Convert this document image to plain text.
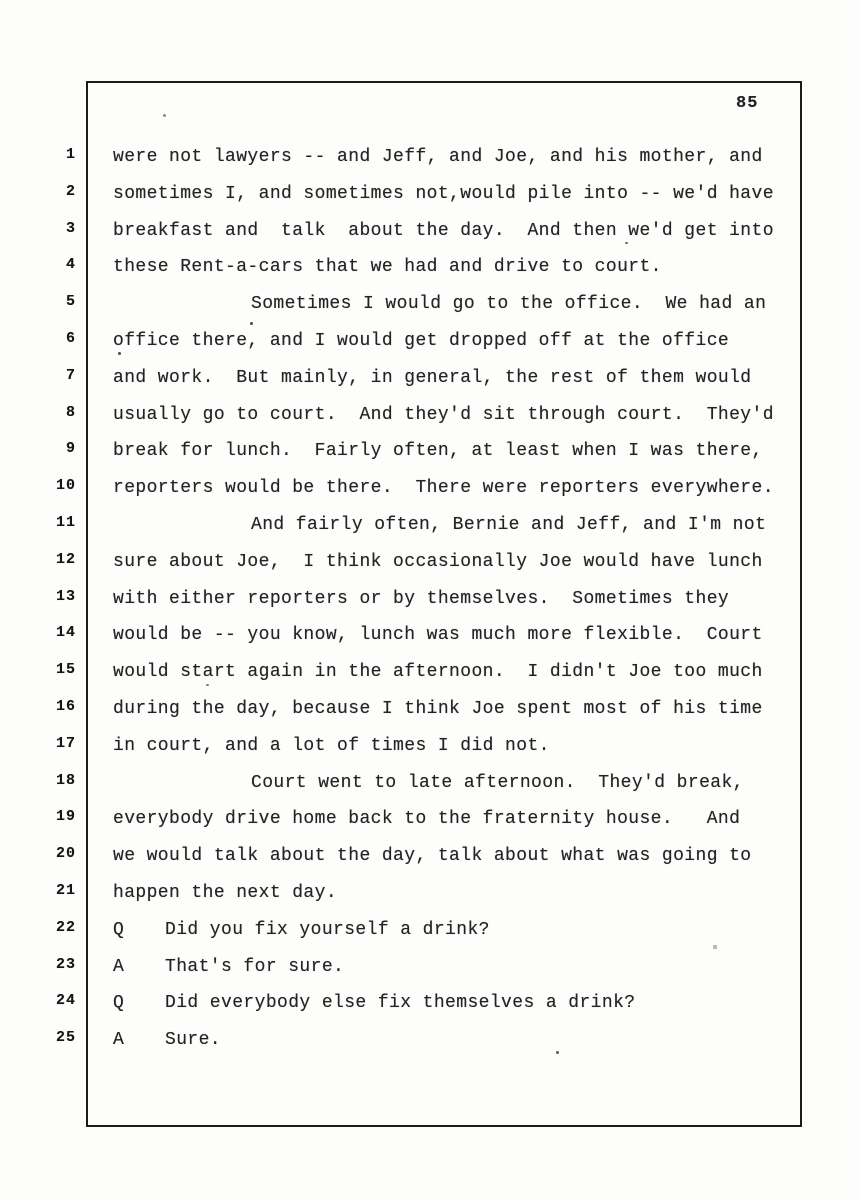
85
1 were not lawyers -- and Jeff, and Joe, and his mother, and
2 sometimes I, and sometimes not,would pile into -- we'd have
3 breakfast and  talk  about the day.  And then we'd get into
4 these Rent-a-cars that we had and drive to court.
5	Sometimes I would go to the office.  We had an
6 office there, and I would get dropped off at the office
7 and work.  But mainly, in general, the rest of them would
8 usually go to court.  And they'd sit through court.  They'd
9 break for lunch.  Fairly often, at least when I was there,
10 reporters would be there.  There were reporters everywhere.
11	And fairly often, Bernie and Jeff, and I'm not
12 sure about Joe,  I think occasionally Joe would have lunch
13 with either reporters or by themselves.  Sometimes they
14 would be -- you know, lunch was much more flexible.  Court
15 would start again in the afternoon.  I didn't Joe too much
16 during the day, because I think Joe spent most of his time
17 in court, and a lot of times I did not.
18	Court went to late afternoon.  They'd break,
19 everybody drive home back to the fraternity house.   And
20 we would talk about the day, talk about what was going to
21 happen the next day.
22 Q Did you fix yourself a drink?
23 A That's for sure.
24 Q Did everybody else fix themselves a drink?
25 A Sure.
